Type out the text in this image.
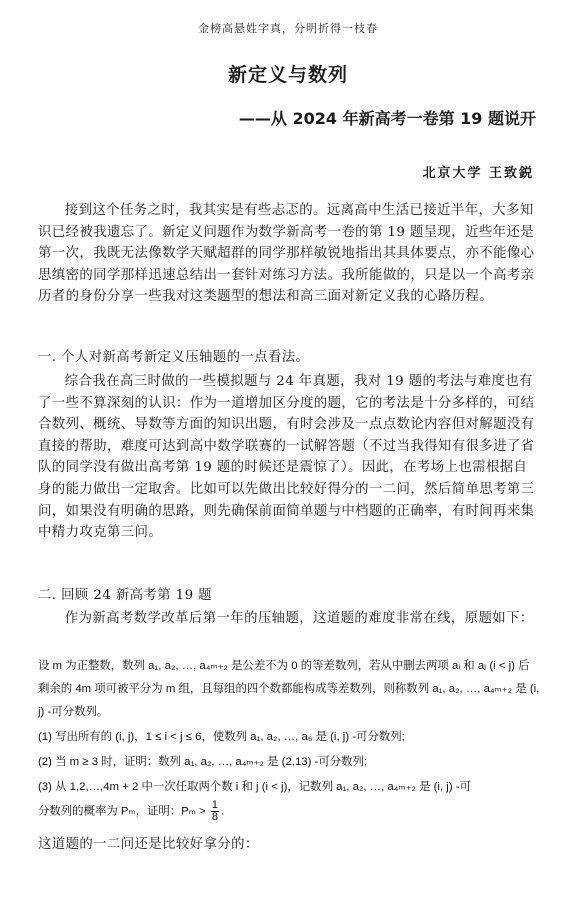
金榜高悬姓字真，分明折得一枝春
新定义与数列
——从 2024 年新高考一卷第 19 题说开
北京大学 王致鋭
接到这个任务之时，我其实是有些忐忑的。远离高中生活已接近半年，大多知识已经被我遗忘了。新定义问题作为数学新高考一卷的第 19 题呈现，近些年还是第一次，我既无法像数学天赋超群的同学那样敏锐地指出其具体要点，亦不能像心思缜密的同学那样迅速总结出一套针对练习方法。我所能做的，只是以一个高考亲历者的身份分享一些我对这类题型的想法和高三面对新定义我的心路历程。
一. 个人对新高考新定义压轴题的一点看法。
综合我在高三时做的一些模拟题与 24 年真题，我对 19 题的考法与难度也有了一些不算深刻的认识：作为一道增加区分度的题，它的考法是十分多样的，可结合数列、概统、导数等方面的知识出题，有时会涉及一点点数论内容但对解题没有直接的帮助，难度可达到高中数学联赛的一试解答题（不过当我得知有很多进了省队的同学没有做出高考第 19 题的时候还是震惊了）。因此，在考场上也需根据自身的能力做出一定取舍。比如可以先做出比较好得分的一二问，然后简单思考第三问，如果没有明确的思路，则先确保前面简单题与中档题的正确率，有时间再来集中精力攻克第三问。
二. 回顾 24 新高考第 19 题
作为新高考数学改革后第一年的压轴题，这道题的难度非常在线，原题如下：
设 m 为正整数，数列 a₁, a₂, …, a₄ₘ₊₂ 是公差不为 0 的等差数列，若从中删去两项 aᵢ 和 aⱼ (i < j) 后剩余的 4m 项可被平分为 m 组，且每组的四个数都能构成等差数列，则称数列 a₁, a₂, …, a₄ₘ₊₂ 是 (i, j) -可分数列。
(1) 写出所有的 (i, j)，1 ≤ i < j ≤ 6，使数列 a₁, a₂, …, a₆ 是 (i, j) -可分数列;
(2) 当 m ≥ 3 时，证明：数列 a₁, a₂, …, a₄ₘ₊₂ 是 (2,13) -可分数列;
(3) 从 1,2,…,4m + 2 中一次任取两个数 i 和 j (i < j)，记数列 a₁, a₂, …, a₄ₘ₊₂ 是 (i, j) -可
分数列的概率为 Pₘ，证明：$P_m > \frac{1}{8}$ .
这道题的一二问还是比较好拿分的：
